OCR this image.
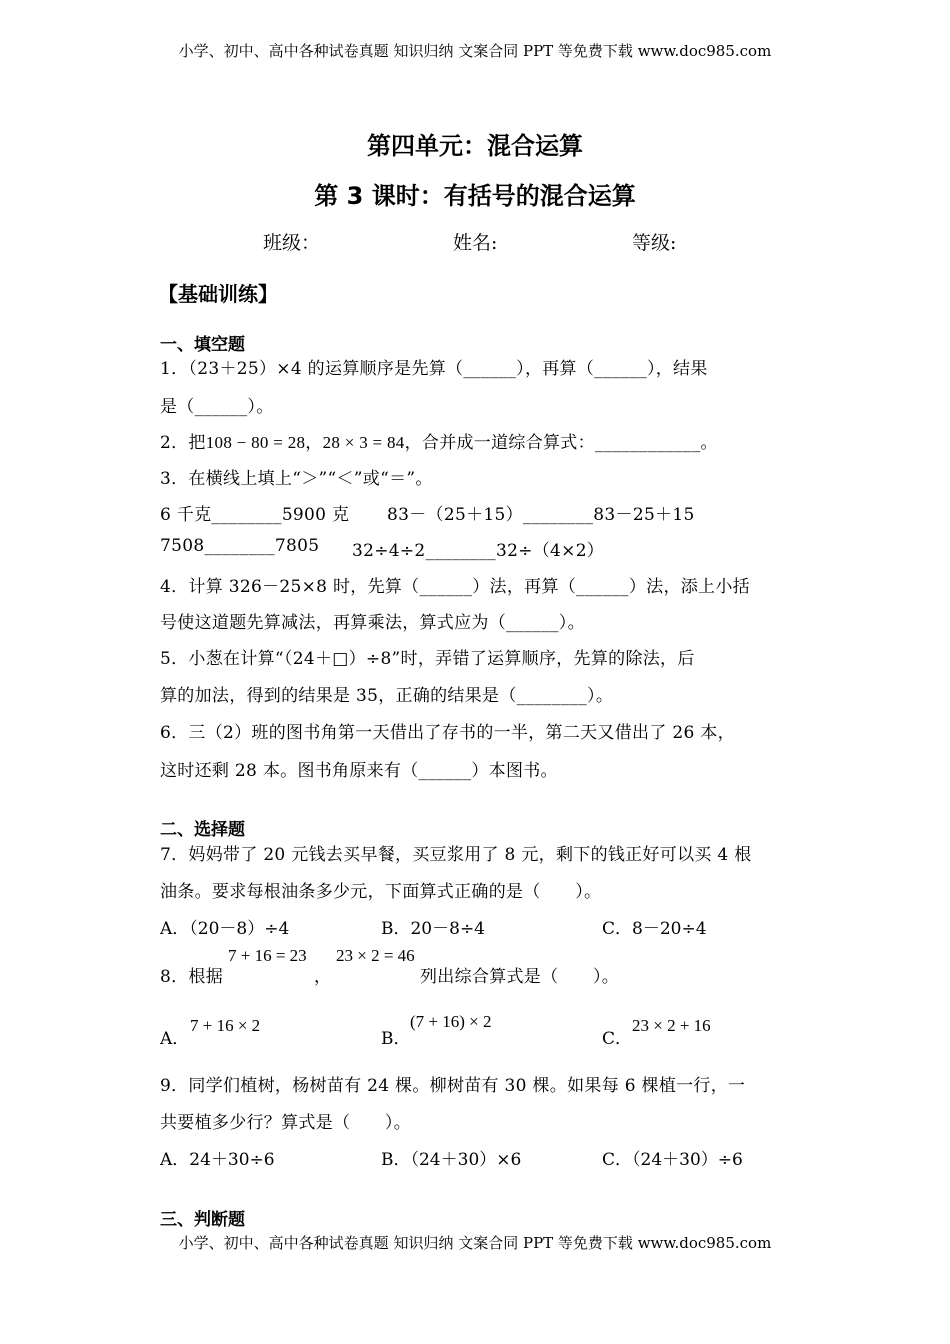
小学、初中、高中各种试卷真题 知识归纳 文案合同 PPT 等免费下载 www.doc985.com
第四单元：混合运算
第 3 课时：有括号的混合运算
班级：	姓名:	等级:
【基础训练】
一、填空题
1．（23＋25）×4 的运算顺序是先算（______），再算（______），结果
是（______）。
2．把108 − 80 = 28，28 × 3 = 84，合并成一道综合算式：____________。
3．在横线上填上“＞”“＜”或“＝”。
6 千克________5900 克 83－（25＋15）________83－25＋15
7508________7805 32÷4÷2________32÷（4×2）
4．计算 326－25×8 时，先算（______）法，再算（______）法，添上小括
号使这道题先算减法，再算乘法，算式应为（______）。
5．小葱在计算“（24＋□）÷8”时，弄错了运算顺序，先算的除法，后
算的加法，得到的结果是 35，正确的结果是（________）。
6．三（2）班的图书角第一天借出了存书的一半，第二天又借出了 26 本，
这时还剩 28 本。图书角原来有（______）本图书。
二、选择题
7．妈妈带了 20 元钱去买早餐，买豆浆用了 8 元，剩下的钱正好可以买 4 根
油条。要求每根油条多少元，下面算式正确的是（　　）。
A．（20－8）÷4	B．20－8÷4	C．8－20÷4
8．根据
7 + 16 = 23
，
23 × 2 = 46
列出综合算式是（　　）。
A．
7 + 16 × 2
B．
(7 + 16) × 2
C．
23 × 2 + 16
9．同学们植树，杨树苗有 24 棵。柳树苗有 30 棵。如果每 6 棵植一行，一
共要植多少行？算式是（　　）。
A．24＋30÷6	B．（24＋30）×6	C．（24＋30）÷6
三、判断题
小学、初中、高中各种试卷真题 知识归纳 文案合同 PPT 等免费下载 www.doc985.com
